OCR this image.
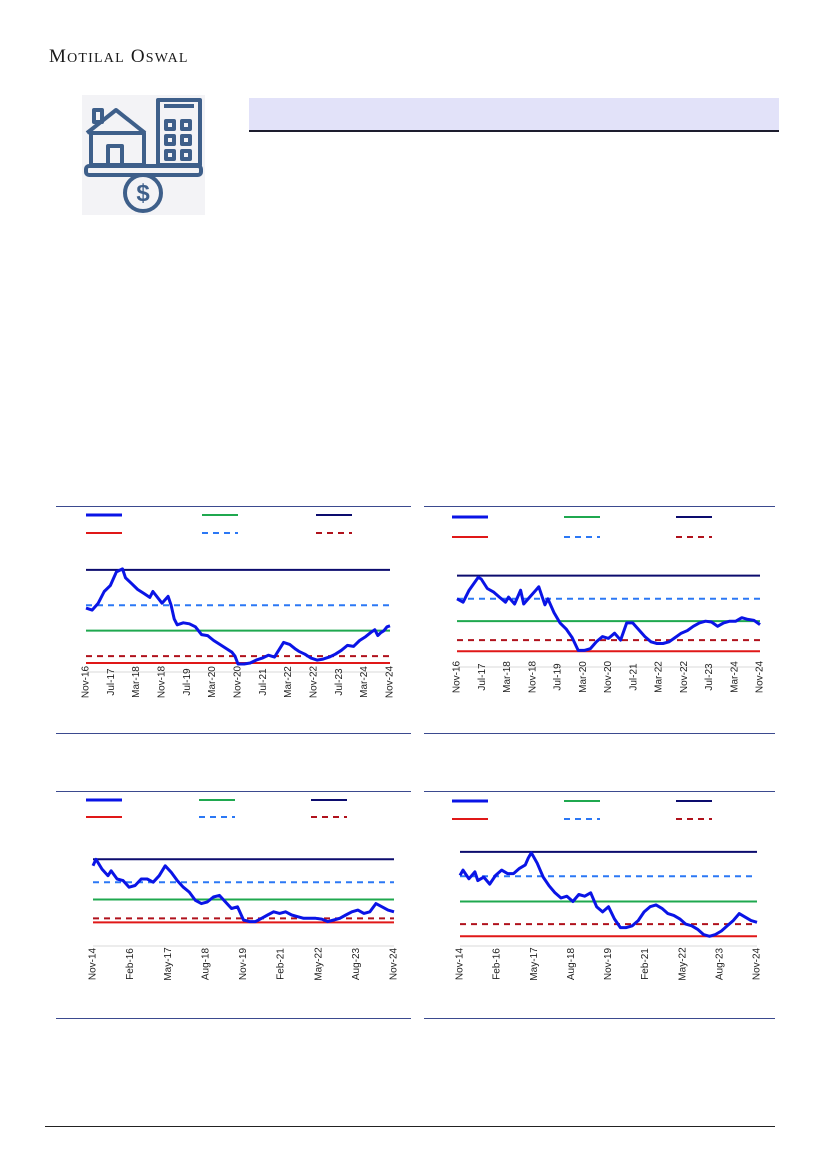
MOTILAL OSWAL
$
Nov-16 Jul-17 Mar-18 Nov-18 Jul-19 Mar-20 Nov-20 Jul-21 Mar-22 Nov-22 Jul-23 Mar-24 Nov-24	Nov-16 Jul-17 Mar-18 Nov-18 Jul-19 Mar-20 Nov-20 Jul-21 Mar-22 Nov-22 Jul-23 Mar-24 Nov-24
Nov-14	Feb-16	May-17	Aug-18	Nov-19	Feb-21	May-22	Aug-23	Nov-24	Nov-14	Feb-16	May-17	Aug-18	Nov-19	Feb-21	May-22	Aug-23	Nov-24
